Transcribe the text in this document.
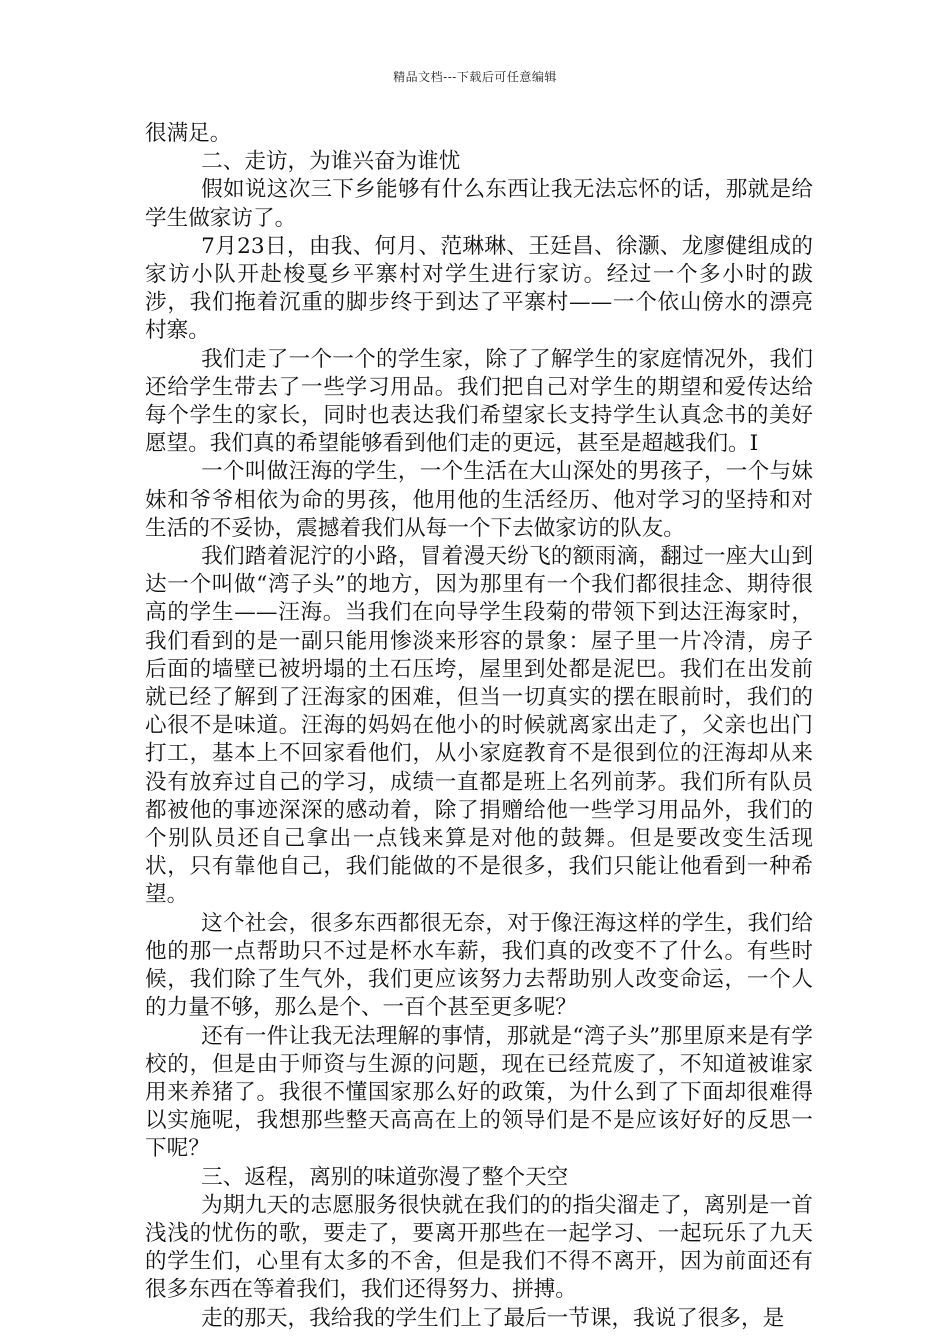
精品文档---下载后可任意编辑

很满足。

二、走访，为谁兴奋为谁忧

假如说这次三下乡能够有什么东西让我无法忘怀的话，那就是给学生做家访了。

7月23日，由我、何月、范琳琳、王廷昌、徐灏、龙廖健组成的家访小队开赴梭戛乡平寨村对学生进行家访。经过一个多小时的跋涉，我们拖着沉重的脚步终于到达了平寨村——一个依山傍水的漂亮村寨。

我们走了一个一个的学生家，除了了解学生的家庭情况外，我们还给学生带去了一些学习用品。我们把自己对学生的期望和爱传达给每个学生的家长，同时也表达我们希望家长支持学生认真念书的美好愿望。我们真的希望能够看到他们走的更远，甚至是超越我们。I

一个叫做汪海的学生，一个生活在大山深处的男孩子，一个与妹妹和爷爷相依为命的男孩，他用他的生活经历、他对学习的坚持和对生活的不妥协，震撼着我们从每一个下去做家访的队友。

我们踏着泥泞的小路，冒着漫天纷飞的额雨滴，翻过一座大山到达一个叫做“湾子头”的地方，因为那里有一个我们都很挂念、期待很高的学生——汪海。当我们在向导学生段菊的带领下到达汪海家时，我们看到的是一副只能用惨淡来形容的景象：屋子里一片冷清，房子后面的墙壁已被坍塌的土石压垮，屋里到处都是泥巴。我们在出发前就已经了解到了汪海家的困难，但当一切真实的摆在眼前时，我们的心很不是味道。汪海的妈妈在他小的时候就离家出走了，父亲也出门打工，基本上不回家看他们，从小家庭教育不是很到位的汪海却从来没有放弃过自己的学习，成绩一直都是班上名列前茅。我们所有队员都被他的事迹深深的感动着，除了捐赠给他一些学习用品外，我们的个别队员还自己拿出一点钱来算是对他的鼓舞。但是要改变生活现状，只有靠他自己，我们能做的不是很多，我们只能让他看到一种希望。

这个社会，很多东西都很无奈，对于像汪海这样的学生，我们给他的那一点帮助只不过是杯水车薪，我们真的改变不了什么。有些时候，我们除了生气外，我们更应该努力去帮助别人改变命运，一个人的力量不够，那么是个、一百个甚至更多呢？

还有一件让我无法理解的事情，那就是“湾子头”那里原来是有学校的，但是由于师资与生源的问题，现在已经荒废了，不知道被谁家用来养猪了。我很不懂国家那么好的政策，为什么到了下面却很难得以实施呢，我想那些整天高高在上的领导们是不是应该好好的反思一下呢？

三、返程，离别的味道弥漫了整个天空

为期九天的志愿服务很快就在我们的的指尖溜走了，离别是一首浅浅的忧伤的歌，要走了，要离开那些在一起学习、一起玩乐了九天的学生们，心里有太多的不舍，但是我们不得不离开，因为前面还有很多东西在等着我们，我们还得努力、拼搏。

走的那天，我给我的学生们上了最后一节课，我说了很多，是
